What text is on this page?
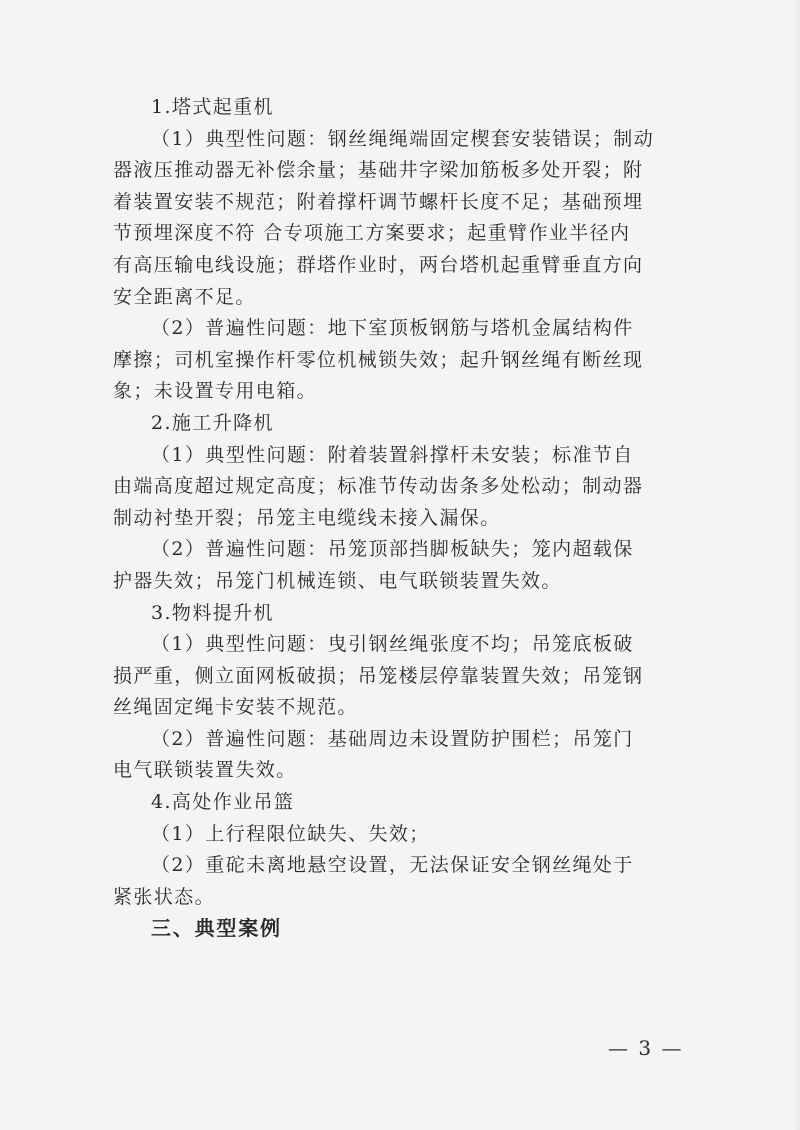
1.塔式起重机
（1）典型性问题：钢丝绳绳端固定楔套安装错误；制动
器液压推动器无补偿余量；基础井字梁加筋板多处开裂；附
着装置安装不规范；附着撑杆调节螺杆长度不足；基础预埋
节预埋深度不符 合专项施工方案要求；起重臂作业半径内
有高压输电线设施；群塔作业时，两台塔机起重臂垂直方向
安全距离不足。
（2）普遍性问题：地下室顶板钢筋与塔机金属结构件
摩擦；司机室操作杆零位机械锁失效；起升钢丝绳有断丝现
象；未设置专用电箱。
2.施工升降机
（1）典型性问题：附着装置斜撑杆未安装；标准节自
由端高度超过规定高度；标准节传动齿条多处松动；制动器
制动衬垫开裂；吊笼主电缆线未接入漏保。
（2）普遍性问题：吊笼顶部挡脚板缺失；笼内超载保
护器失效；吊笼门机械连锁、电气联锁装置失效。
3.物料提升机
（1）典型性问题：曳引钢丝绳张度不均；吊笼底板破
损严重，侧立面网板破损；吊笼楼层停靠装置失效；吊笼钢
丝绳固定绳卡安装不规范。
（2）普遍性问题：基础周边未设置防护围栏；吊笼门
电气联锁装置失效。
4.高处作业吊篮
（1）上行程限位缺失、失效；
（2）重砣未离地悬空设置，无法保证安全钢丝绳处于
紧张状态。
三、典型案例
— 3 —
